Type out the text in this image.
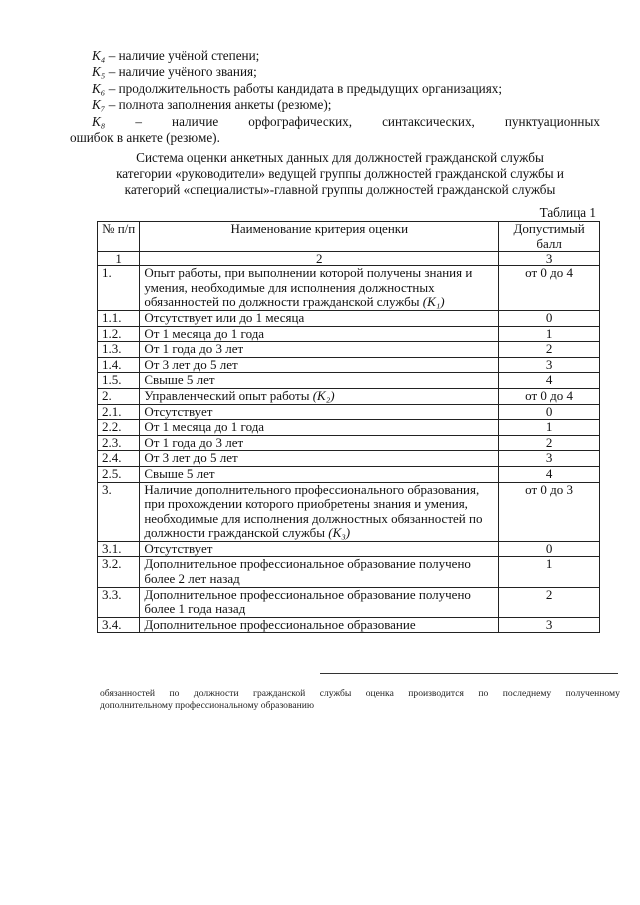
K₄ – наличие учёной степени;
K₅ – наличие учёного звания;
K₆ – продолжительность работы кандидата в предыдущих организациях;
K₇ – полнота заполнения анкеты (резюме);
K₈ – наличие орфографических, синтаксических, пунктуационных
ошибок в анкете (резюме).
Система оценки анкетных данных для должностей гражданской службы
категории «руководители» ведущей группы должностей гражданской службы и
категорий «специалисты»-главной группы должностей гражданской службы
Таблица 1
№ п/п	Наименование критерия оценки	Допустимый балл
1	2	3
1.	Опыт работы, при выполнении которой получены знания и умения, необходимые для исполнения должностных обязанностей по должности гражданской службы (K₁)	от 0 до 4
1.1.	Отсутствует или до 1 месяца	0
1.2.	От 1 месяца до 1 года	1
1.3.	От 1 года до 3 лет	2
1.4.	От 3 лет до 5 лет	3
1.5.	Свыше 5 лет	4
2.	Управленческий опыт работы (K₂)	от 0 до 4
2.1.	Отсутствует	0
2.2.	От 1 месяца до 1 года	1
2.3.	От 1 года до 3 лет	2
2.4.	От 3 лет до 5 лет	3
2.5.	Свыше 5 лет	4
3.	Наличие дополнительного профессионального образования, при прохождении которого приобретены знания и умения, необходимые для исполнения должностных обязанностей по должности гражданской службы (K₃)	от 0 до 3
3.1.	Отсутствует	0
3.2.	Дополнительное профессиональное образование получено более 2 лет назад	1
3.3.	Дополнительное профессиональное образование получено более 1 года назад	2
3.4.	Дополнительное профессиональное образование	3
обязанностей по должности гражданской службы оценка производится по последнему полученному
дополнительному профессиональному образованию
